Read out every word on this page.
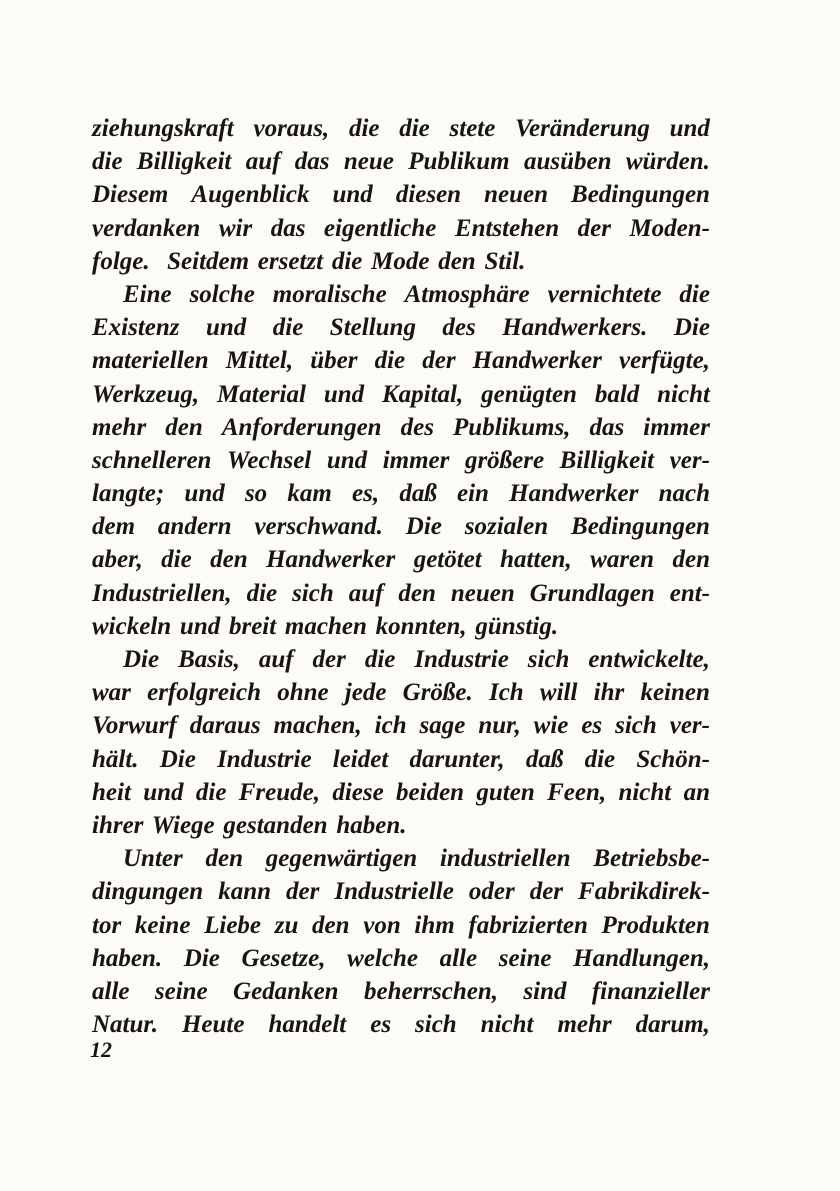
ziehungskraft voraus, die die stete Veränderung und
die Billigkeit auf das neue Publikum ausüben würden.
Diesem Augenblick und diesen neuen Bedingungen
verdanken wir das eigentliche Entstehen der Moden-
folge.  Seitdem ersetzt die Mode den Stil.
Eine solche moralische Atmosphäre vernichtete die
Existenz und die Stellung des Handwerkers. Die
materiellen Mittel, über die der Handwerker verfügte,
Werkzeug, Material und Kapital, genügten bald nicht
mehr den Anforderungen des Publikums, das immer
schnelleren Wechsel und immer größere Billigkeit ver-
langte; und so kam es, daß ein Handwerker nach
dem andern verschwand. Die sozialen Bedingungen
aber, die den Handwerker getötet hatten, waren den
Industriellen, die sich auf den neuen Grundlagen ent-
wickeln und breit machen konnten, günstig.
Die Basis, auf der die Industrie sich entwickelte,
war erfolgreich ohne jede Größe. Ich will ihr keinen
Vorwurf daraus machen, ich sage nur, wie es sich ver-
hält. Die Industrie leidet darunter, daß die Schön-
heit und die Freude, diese beiden guten Feen, nicht an
ihrer Wiege gestanden haben.
Unter den gegenwärtigen industriellen Betriebsbe-
dingungen kann der Industrielle oder der Fabrikdirek-
tor keine Liebe zu den von ihm fabrizierten Produkten
haben. Die Gesetze, welche alle seine Handlungen,
alle seine Gedanken beherrschen, sind finanzieller
Natur. Heute handelt es sich nicht mehr darum,
12
